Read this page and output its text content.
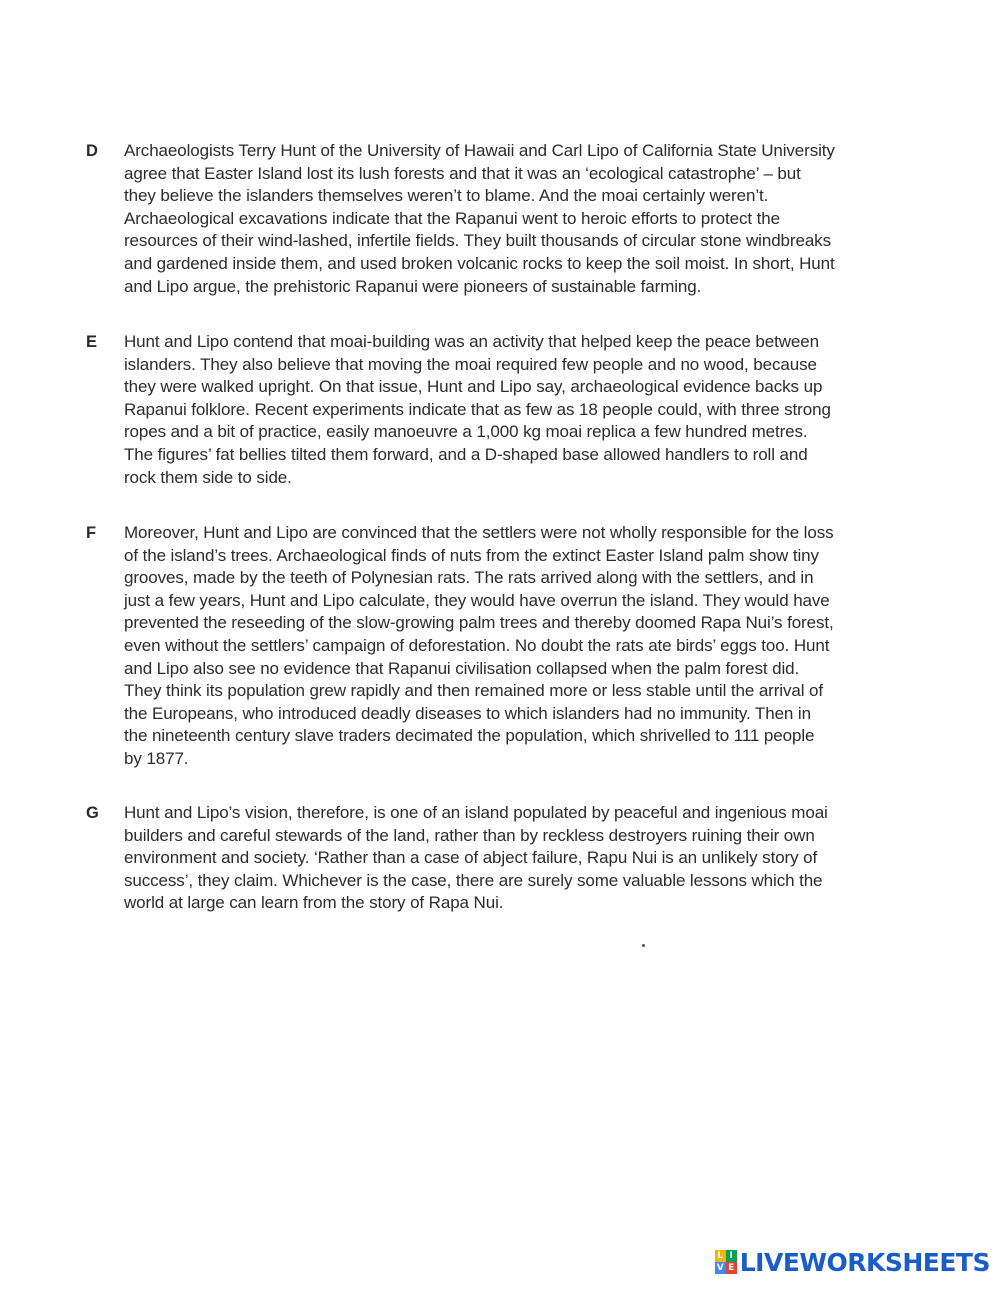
D Archaeologists Terry Hunt of the University of Hawaii and Carl Lipo of California State University agree that Easter Island lost its lush forests and that it was an ‘ecological catastrophe’ – but they believe the islanders themselves weren’t to blame. And the moai certainly weren’t. Archaeological excavations indicate that the Rapanui went to heroic efforts to protect the resources of their wind-lashed, infertile fields. They built thousands of circular stone windbreaks and gardened inside them, and used broken volcanic rocks to keep the soil moist. In short, Hunt and Lipo argue, the prehistoric Rapanui were pioneers of sustainable farming.
E Hunt and Lipo contend that moai-building was an activity that helped keep the peace between islanders. They also believe that moving the moai required few people and no wood, because they were walked upright. On that issue, Hunt and Lipo say, archaeological evidence backs up Rapanui folklore. Recent experiments indicate that as few as 18 people could, with three strong ropes and a bit of practice, easily manoeuvre a 1,000 kg moai replica a few hundred metres. The figures’ fat bellies tilted them forward, and a D-shaped base allowed handlers to roll and rock them side to side.
F Moreover, Hunt and Lipo are convinced that the settlers were not wholly responsible for the loss of the island’s trees. Archaeological finds of nuts from the extinct Easter Island palm show tiny grooves, made by the teeth of Polynesian rats. The rats arrived along with the settlers, and in just a few years, Hunt and Lipo calculate, they would have overrun the island. They would have prevented the reseeding of the slow-growing palm trees and thereby doomed Rapa Nui’s forest, even without the settlers’ campaign of deforestation. No doubt the rats ate birds’ eggs too. Hunt and Lipo also see no evidence that Rapanui civilisation collapsed when the palm forest did. They think its population grew rapidly and then remained more or less stable until the arrival of the Europeans, who introduced deadly diseases to which islanders had no immunity. Then in the nineteenth century slave traders decimated the population, which shrivelled to 111 people by 1877.
G Hunt and Lipo’s vision, therefore, is one of an island populated by peaceful and ingenious moai builders and careful stewards of the land, rather than by reckless destroyers ruining their own environment and society. ‘Rather than a case of abject failure, Rapu Nui is an unlikely story of success’, they claim. Whichever is the case, there are surely some valuable lessons which the world at large can learn from the story of Rapa Nui.
L I
V E LIVEWORKSHEETS
